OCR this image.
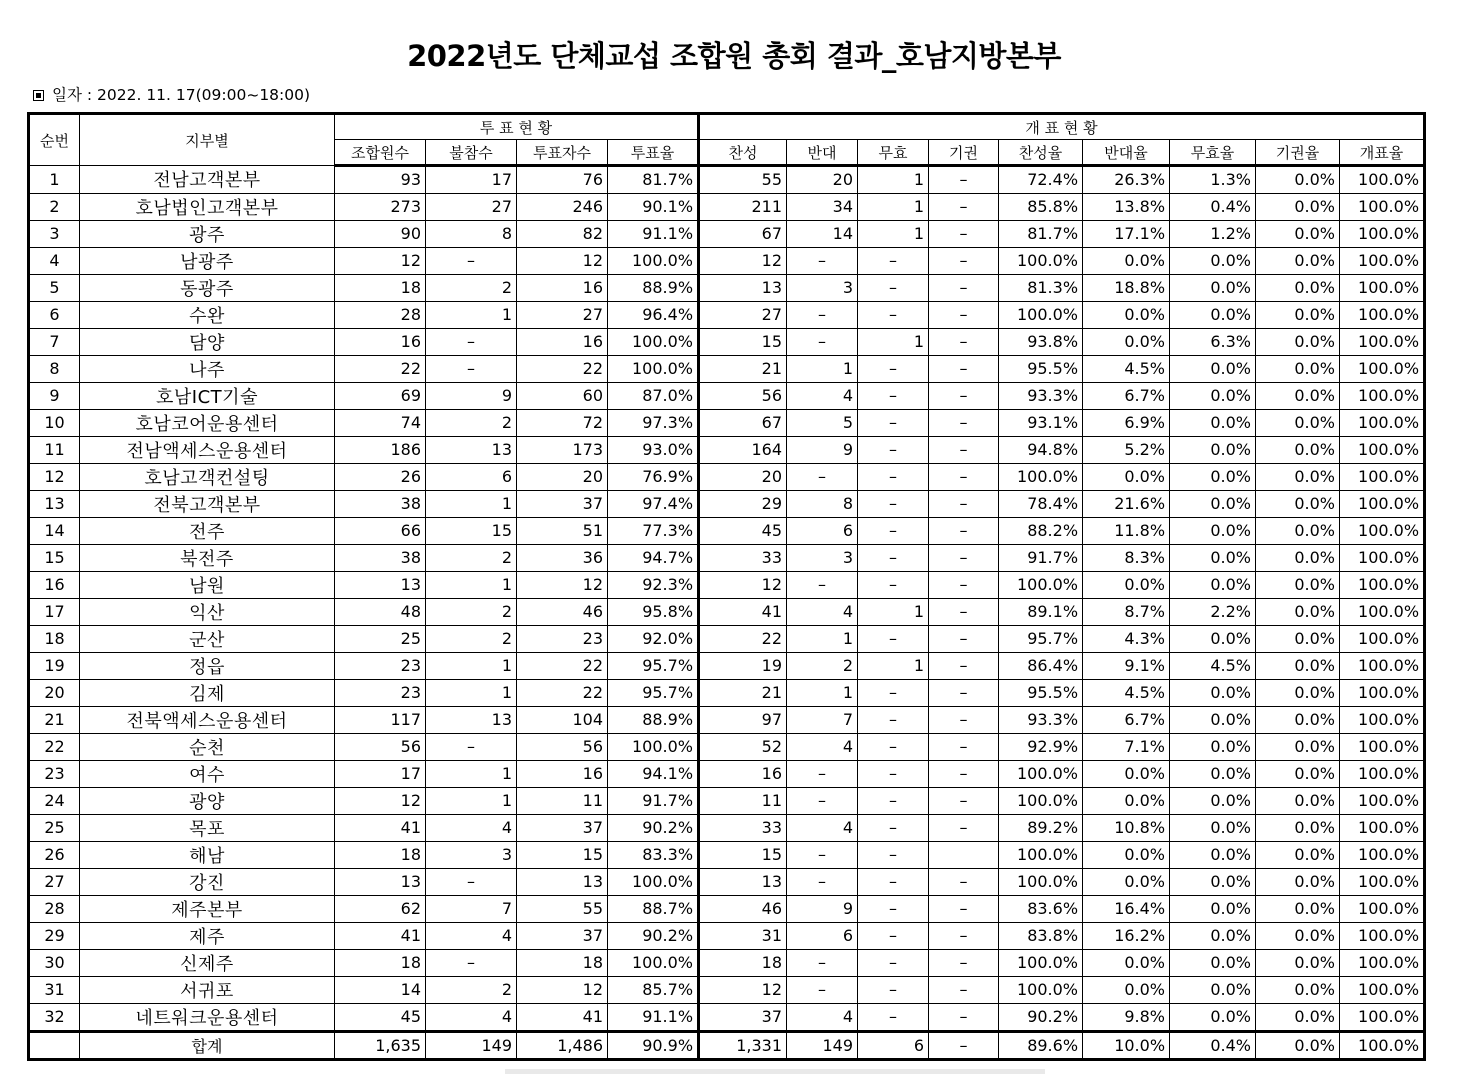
2022년도 단체교섭 조합원 총회 결과_호남지방본부
일자 : 2022. 11. 17(09:00~18:00)
순번	지부별	투 표 현 황				개 표 현 황								
		조합원수	불참수	투표자수	투표율	찬성	반대	무효	기권	찬성율	반대율	무효율	기권율	개표율
1	전남고객본부	93	17	76	81.7%	55	20	1	–	72.4%	26.3%	1.3%	0.0%	100.0%
2	호남법인고객본부	273	27	246	90.1%	211	34	1	–	85.8%	13.8%	0.4%	0.0%	100.0%
3	광주	90	8	82	91.1%	67	14	1	–	81.7%	17.1%	1.2%	0.0%	100.0%
4	남광주	12	–	12	100.0%	12	–	–	–	100.0%	0.0%	0.0%	0.0%	100.0%
5	동광주	18	2	16	88.9%	13	3	–	–	81.3%	18.8%	0.0%	0.0%	100.0%
6	수완	28	1	27	96.4%	27	–	–	–	100.0%	0.0%	0.0%	0.0%	100.0%
7	담양	16	–	16	100.0%	15	–	1	–	93.8%	0.0%	6.3%	0.0%	100.0%
8	나주	22	–	22	100.0%	21	1	–	–	95.5%	4.5%	0.0%	0.0%	100.0%
9	호남ICT기술	69	9	60	87.0%	56	4	–	–	93.3%	6.7%	0.0%	0.0%	100.0%
10	호남코어운용센터	74	2	72	97.3%	67	5	–	–	93.1%	6.9%	0.0%	0.0%	100.0%
11	전남액세스운용센터	186	13	173	93.0%	164	9	–	–	94.8%	5.2%	0.0%	0.0%	100.0%
12	호남고객컨설팅	26	6	20	76.9%	20	–	–	–	100.0%	0.0%	0.0%	0.0%	100.0%
13	전북고객본부	38	1	37	97.4%	29	8	–	–	78.4%	21.6%	0.0%	0.0%	100.0%
14	전주	66	15	51	77.3%	45	6	–	–	88.2%	11.8%	0.0%	0.0%	100.0%
15	북전주	38	2	36	94.7%	33	3	–	–	91.7%	8.3%	0.0%	0.0%	100.0%
16	남원	13	1	12	92.3%	12	–	–	–	100.0%	0.0%	0.0%	0.0%	100.0%
17	익산	48	2	46	95.8%	41	4	1	–	89.1%	8.7%	2.2%	0.0%	100.0%
18	군산	25	2	23	92.0%	22	1	–	–	95.7%	4.3%	0.0%	0.0%	100.0%
19	정읍	23	1	22	95.7%	19	2	1	–	86.4%	9.1%	4.5%	0.0%	100.0%
20	김제	23	1	22	95.7%	21	1	–	–	95.5%	4.5%	0.0%	0.0%	100.0%
21	전북액세스운용센터	117	13	104	88.9%	97	7	–	–	93.3%	6.7%	0.0%	0.0%	100.0%
22	순천	56	–	56	100.0%	52	4	–	–	92.9%	7.1%	0.0%	0.0%	100.0%
23	여수	17	1	16	94.1%	16	–	–	–	100.0%	0.0%	0.0%	0.0%	100.0%
24	광양	12	1	11	91.7%	11	–	–	–	100.0%	0.0%	0.0%	0.0%	100.0%
25	목포	41	4	37	90.2%	33	4	–	–	89.2%	10.8%	0.0%	0.0%	100.0%
26	해남	18	3	15	83.3%	15	–	–		100.0%	0.0%	0.0%	0.0%	100.0%
27	강진	13	–	13	100.0%	13	–	–	–	100.0%	0.0%	0.0%	0.0%	100.0%
28	제주본부	62	7	55	88.7%	46	9	–	–	83.6%	16.4%	0.0%	0.0%	100.0%
29	제주	41	4	37	90.2%	31	6	–	–	83.8%	16.2%	0.0%	0.0%	100.0%
30	신제주	18	–	18	100.0%	18	–	–	–	100.0%	0.0%	0.0%	0.0%	100.0%
31	서귀포	14	2	12	85.7%	12	–	–	–	100.0%	0.0%	0.0%	0.0%	100.0%
32	네트워크운용센터	45	4	41	91.1%	37	4	–	–	90.2%	9.8%	0.0%	0.0%	100.0%
	합계	1,635	149	1,486	90.9%	1,331	149	6	–	89.6%	10.0%	0.4%	0.0%	100.0%
